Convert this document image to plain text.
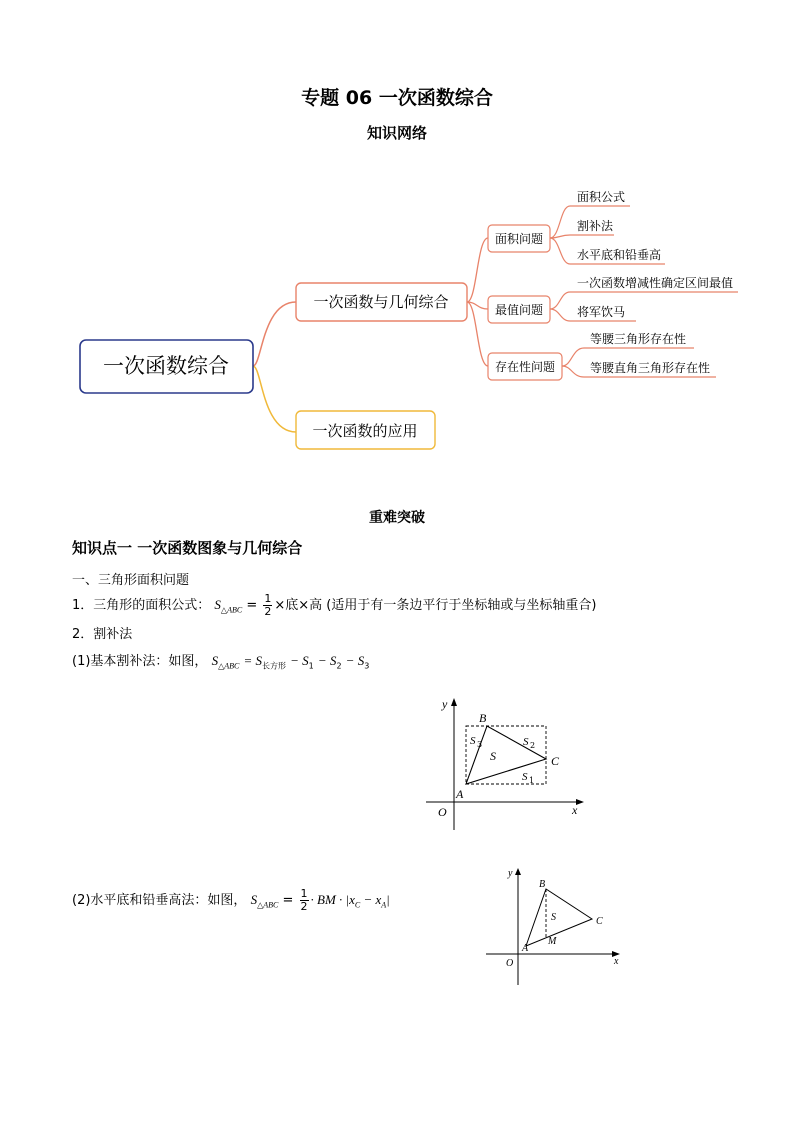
专题 06 一次函数综合
知识网络
一次函数综合
一次函数与几何综合
一次函数的应用
面积问题
最值问题
存在性问题
面积公式
割补法
水平底和铅垂高
一次函数增减性确定区间最值
将军饮马
等腰三角形存在性
等腰直角三角形存在性
重难突破
知识点一 一次函数图象与几何综合
一、三角形面积问题
1．三角形的面积公式： $S_{\triangle ABC} = \frac{1}{2}$ ×底×高 (适用于有一条边平行于坐标轴或与坐标轴重合)
2．割补法
(1)基本割补法：如图， $S_{\triangle ABC} = S_{长方形} - S_1 - S_2 - S_3$
y
x
O
A
B
C
S
S 1
S 2
S 3
(2)水平底和铅垂高法：如图， $S_{\triangle ABC} = \frac{1}{2}$ · BM · $|x_C - x_A|$
y
x
O
A
B
C
S
M
